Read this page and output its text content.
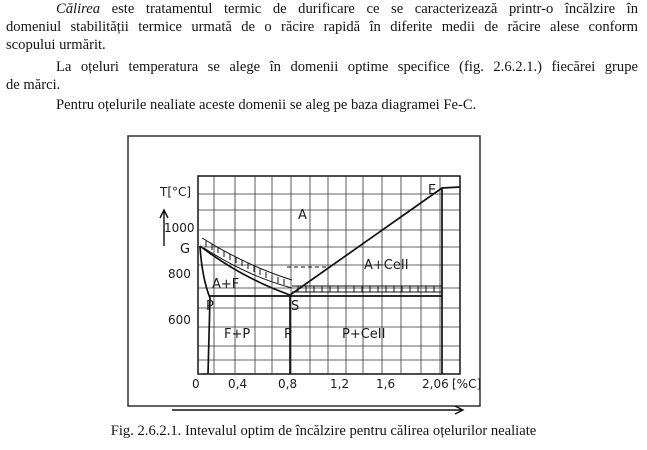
Călirea este tratamentul termic de durificare ce se caracterizează printr-o încălzire în
domeniul stabilității termice urmată de o răcire rapidă în diferite medii de răcire alese conform
scopului urmărit.
La oțeluri temperatura se alege în domenii optime specifice (fig. 2.6.2.1.) fiecărei grupe
de mărci.
Pentru oțelurile nealiate aceste domenii se aleg pe baza diagramei Fe-C.
T[°C]
1000
800
600
G
E
S
P
A
A+F
A+CeII
F+P	P	P+CeII
0 0,4	0,8	1,2 1,6 2,06 [%C]
Fig. 2.6.2.1. Intevalul optim de încălzire pentru călirea oțelurilor nealiate
